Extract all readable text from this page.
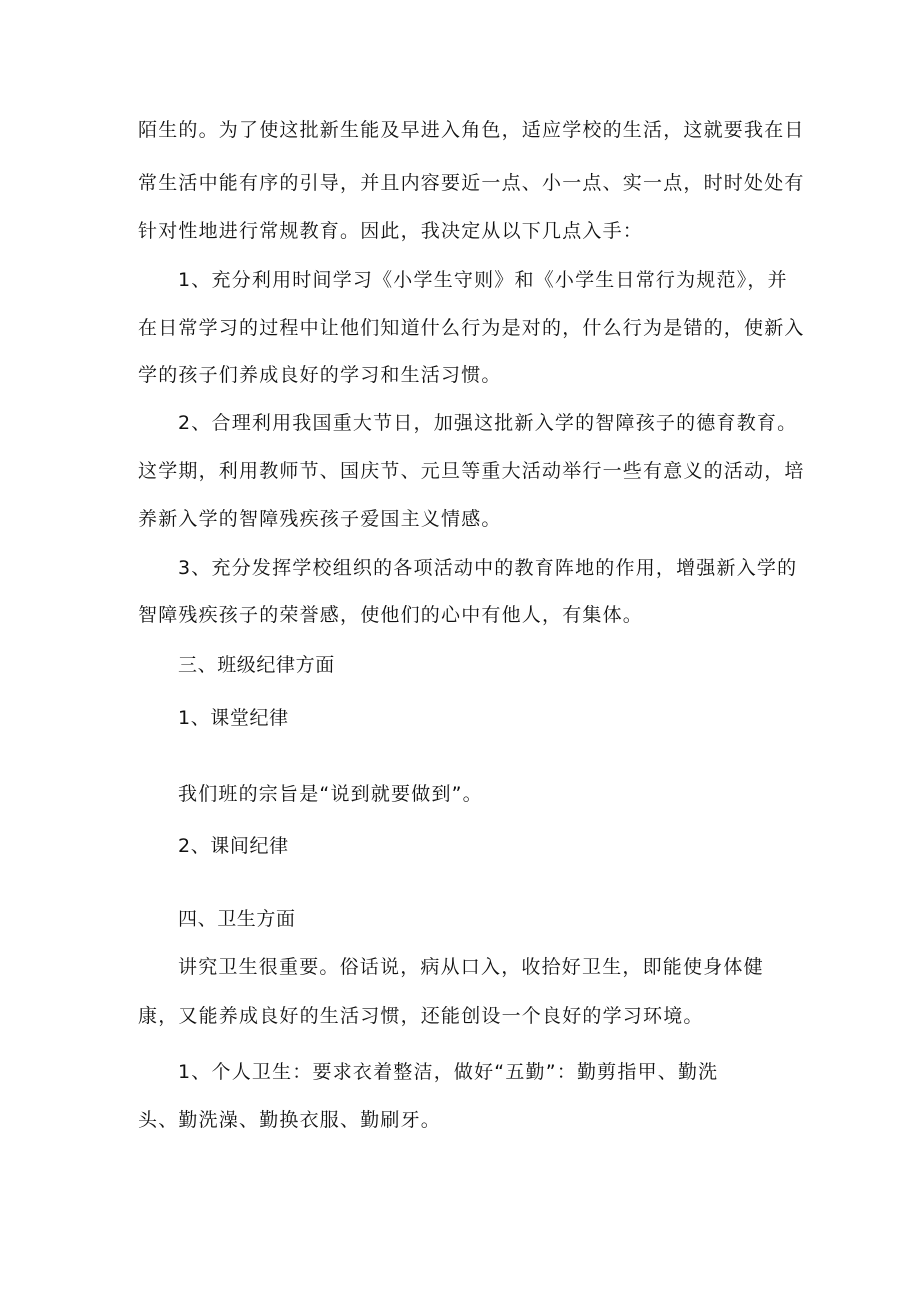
陌生的。为了使这批新生能及早进入角色，适应学校的生活，这就要我在日
常生活中能有序的引导，并且内容要近一点、小一点、实一点，时时处处有
针对性地进行常规教育。因此，我决定从以下几点入手：
1、充分利用时间学习《小学生守则》和《小学生日常行为规范》，并
在日常学习的过程中让他们知道什么行为是对的，什么行为是错的，使新入
学的孩子们养成良好的学习和生活习惯。
2、合理利用我国重大节日，加强这批新入学的智障孩子的德育教育。
这学期，利用教师节、国庆节、元旦等重大活动举行一些有意义的活动，培
养新入学的智障残疾孩子爱国主义情感。
3、充分发挥学校组织的各项活动中的教育阵地的作用，增强新入学的
智障残疾孩子的荣誉感，使他们的心中有他人，有集体。
三、班级纪律方面
1、课堂纪律
我们班的宗旨是“说到就要做到”。
2、课间纪律
四、卫生方面
讲究卫生很重要。俗话说，病从口入，收拾好卫生，即能使身体健
康，又能养成良好的生活习惯，还能创设一个良好的学习环境。
1、个人卫生：要求衣着整洁，做好“五勤”：勤剪指甲、勤洗
头、勤洗澡、勤换衣服、勤刷牙。
